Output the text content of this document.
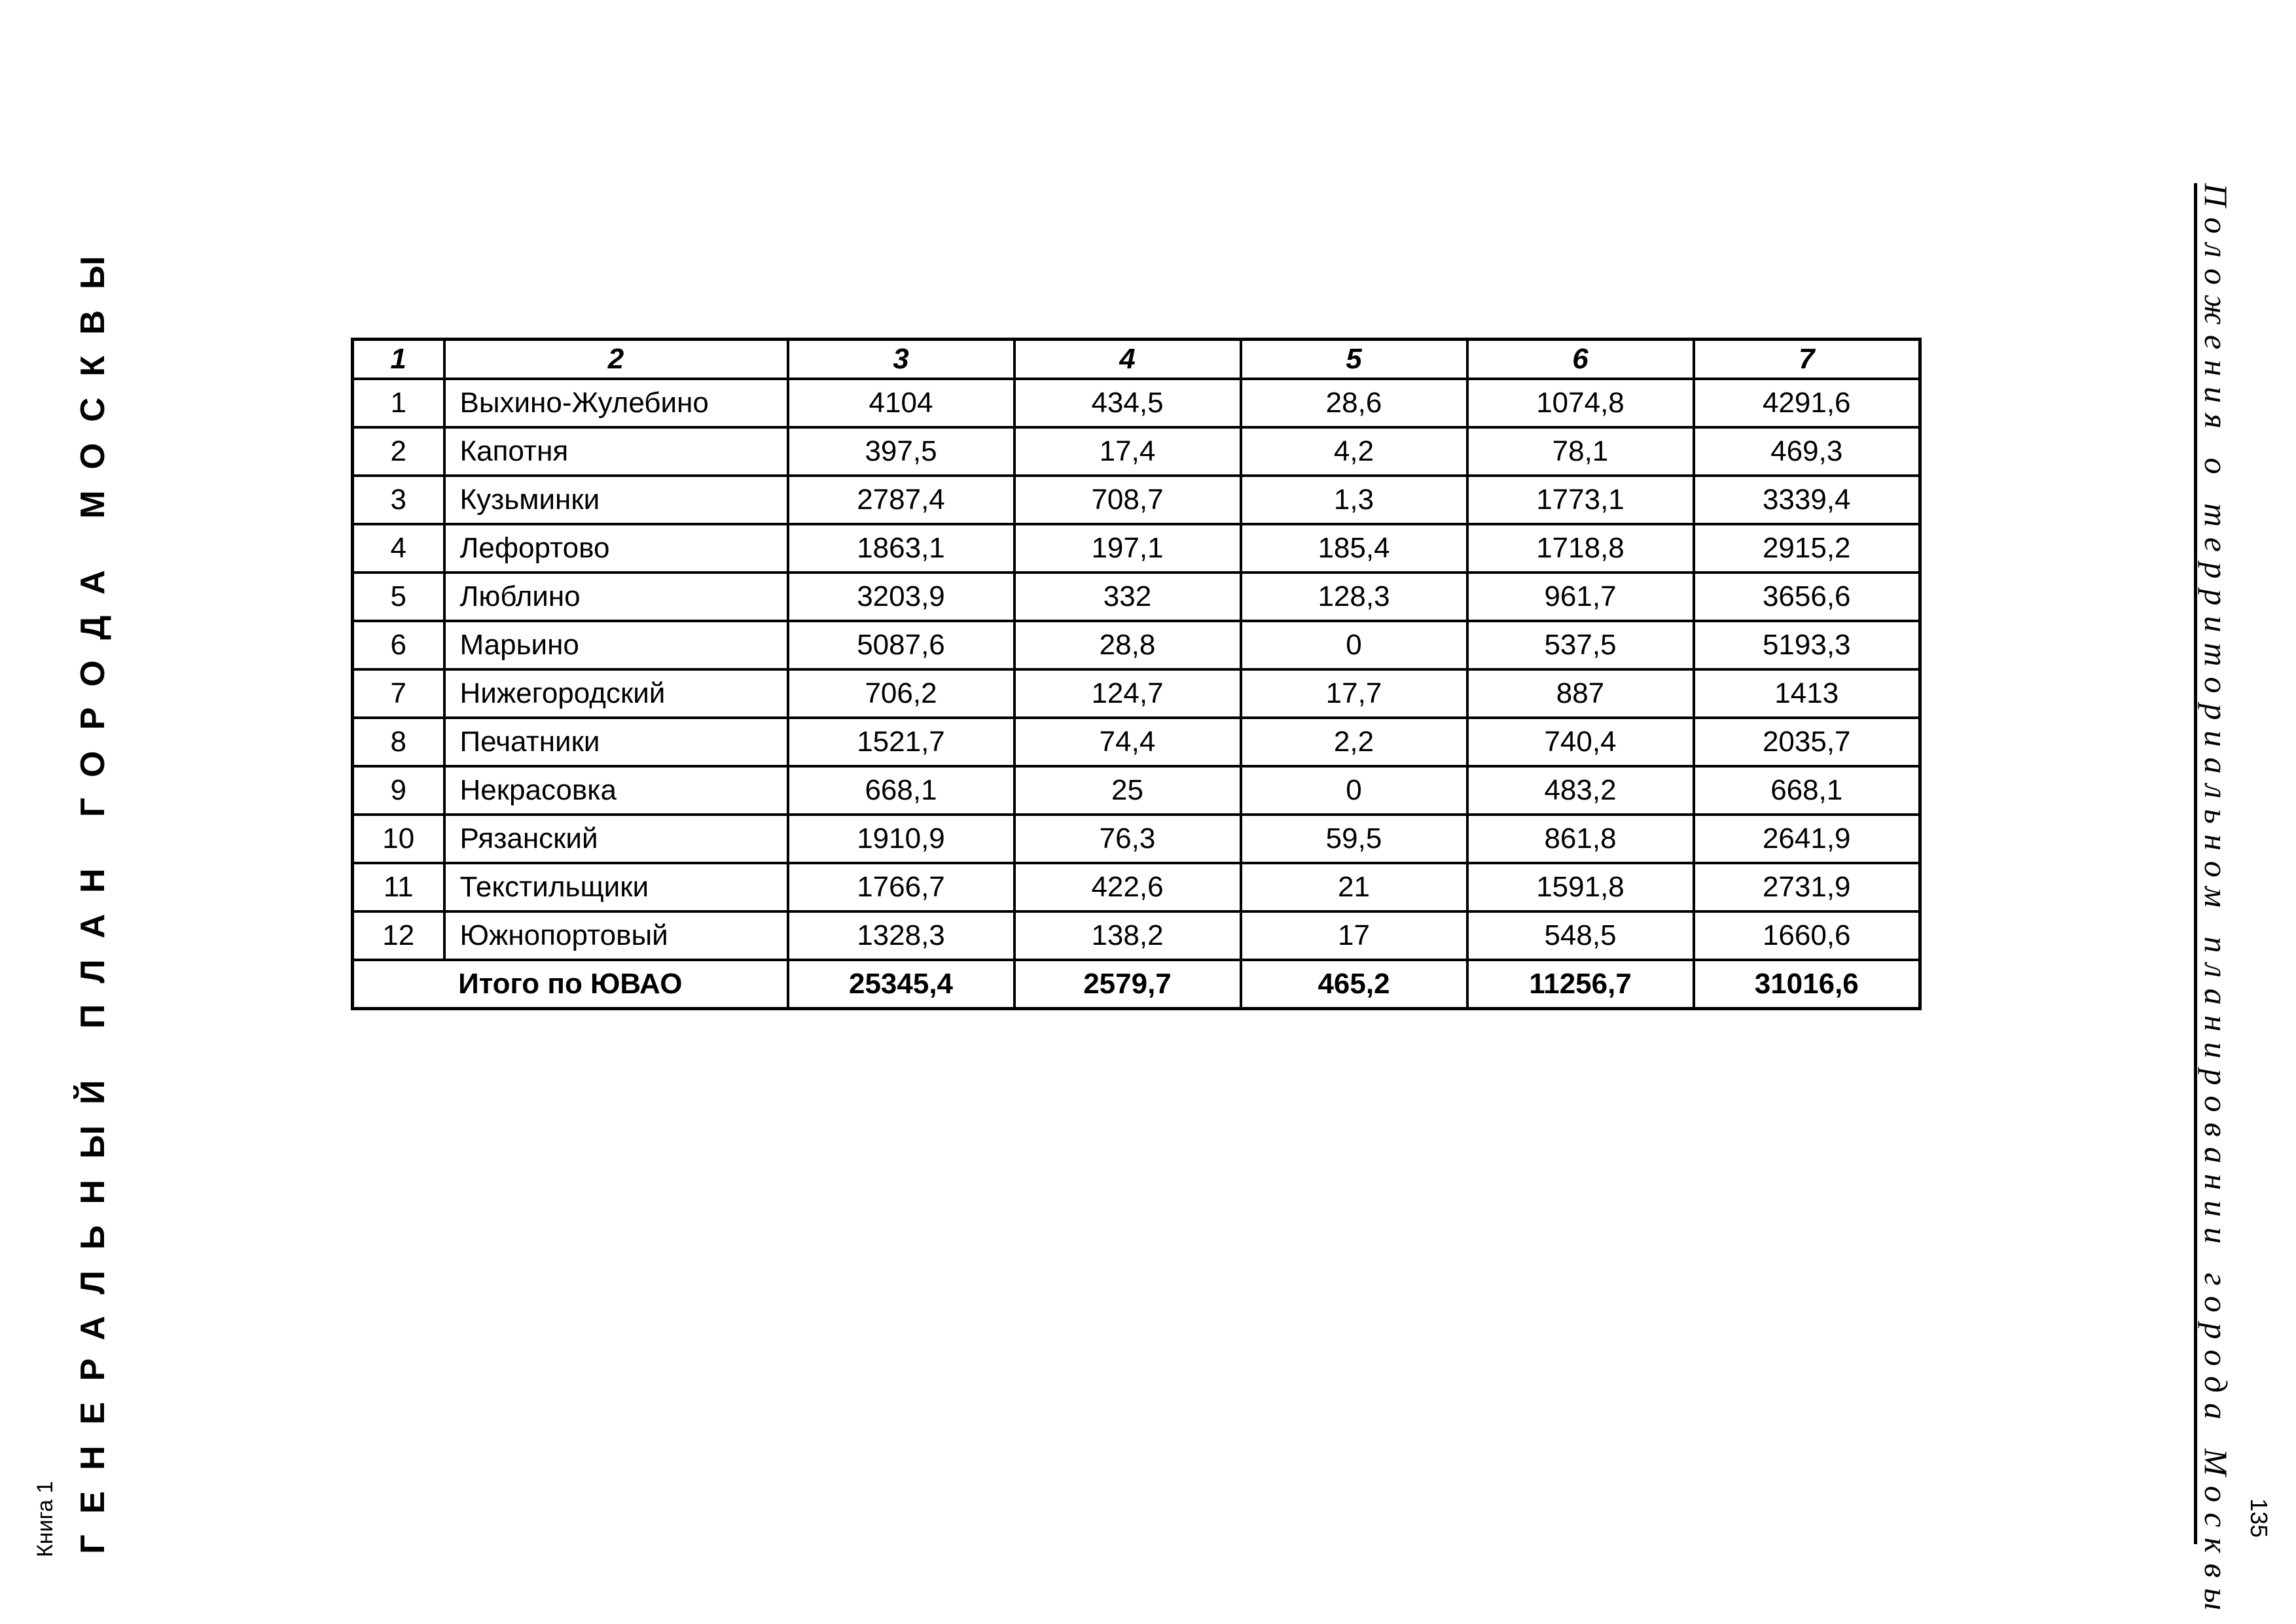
ГЕНЕРАЛЬНЫЙ ПЛАН ГОРОДА МОСКВЫ
Книга 1	Положения о территориальном планировании города Москвы 135
1	2	3	4	5	6	7
1	Выхино-Жулебино	4104	434,5	28,6	1074,8	4291,6
2	Капотня	397,5	17,4	4,2	78,1	469,3
3	Кузьминки	2787,4	708,7	1,3	1773,1	3339,4
4	Лефортово	1863,1	197,1	185,4	1718,8	2915,2
5	Люблино	3203,9	332	128,3	961,7	3656,6
6	Марьино	5087,6	28,8	0	537,5	5193,3
7	Нижегородский	706,2	124,7	17,7	887	1413
8	Печатники	1521,7	74,4	2,2	740,4	2035,7
9	Некрасовка	668,1	25	0	483,2	668,1
10	Рязанский	1910,9	76,3	59,5	861,8	2641,9
11	Текстильщики	1766,7	422,6	21	1591,8	2731,9
12	Южнопортовый	1328,3	138,2	17	548,5	1660,6
Итого по ЮВАО		25345,4	2579,7	465,2	11256,7	31016,6
